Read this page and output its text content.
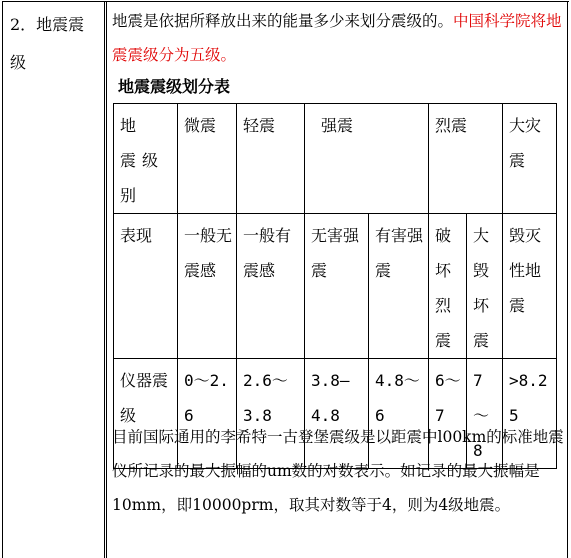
2．地震震级
地震是依据所释放出来的能量多少来划分震级的。中国科学院将地震震级分为五级。
地震震级划分表
地 震级别	微震	轻震	强震		烈震		大灾震
表现	一般无震感	一般有震感	无害强震	有害强震	破坏烈震	大毁坏震	毁灭性地震
仪器震级	0～2.6	2.6～3.8	3.8—4.8	4.8～6	6～7	7～8	>8.25
目前国际通用的李希特一古登堡震级是以距震中l00km的标准地震仪所记录的最大振幅的um数的对数表示。如记录的最大振幅是10mm，即10000prm，取其对数等于4，则为4级地震。
